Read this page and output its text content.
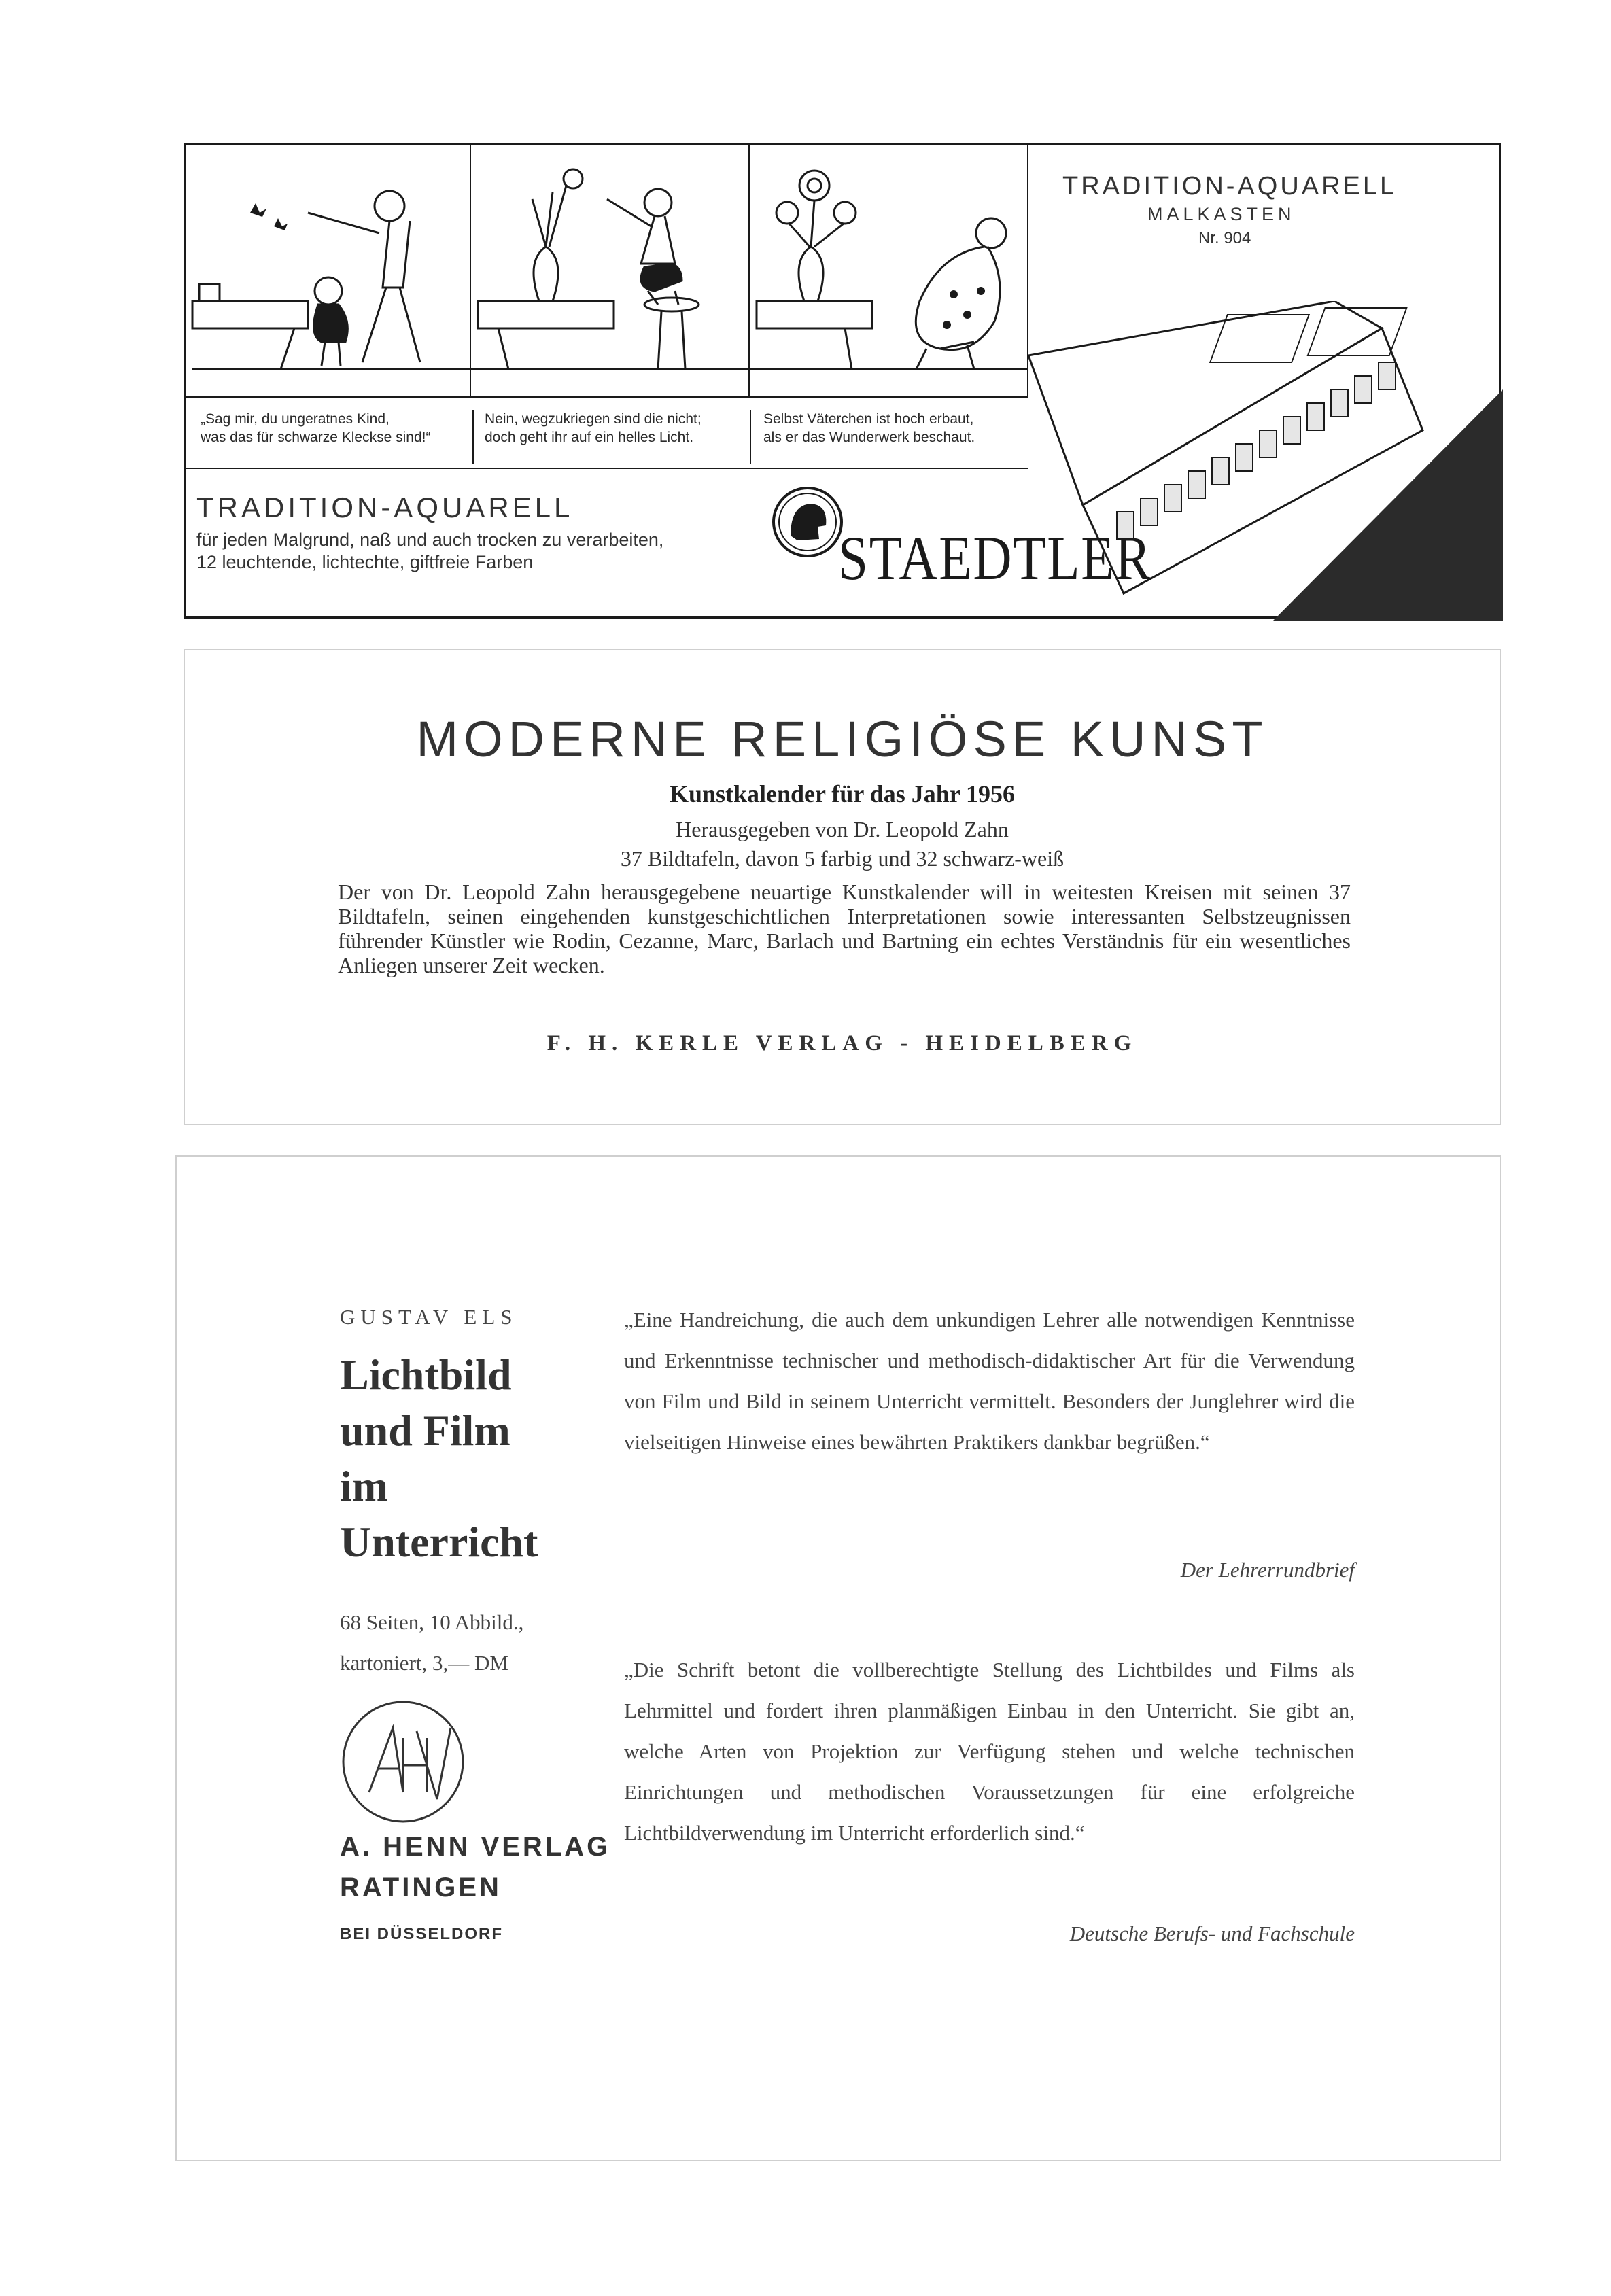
„Sag mir, du ungeratnes Kind,
was das für schwarze Kleckse sind!“
Nein, wegzukriegen sind die nicht;
doch geht ihr auf ein helles Licht.
Selbst Väterchen ist hoch erbaut,
als er das Wunderwerk beschaut.
TRADITION-AQUARELL
MALKASTEN
Nr. 904
TRADITION-AQUARELL
für jeden Malgrund, naß und auch trocken zu verarbeiten,
12 leuchtende, lichtechte, giftfreie Farben	STAEDTLER
MODERNE RELIGIÖSE KUNST
Kunstkalender für das Jahr 1956
Herausgegeben von Dr. Leopold Zahn
37 Bildtafeln, davon 5 farbig und 32 schwarz-weiß
Der von Dr. Leopold Zahn herausgegebene neuartige Kunstkalender will in weitesten Kreisen mit seinen 37 Bildtafeln, seinen eingehenden kunstgeschichtlichen Interpretationen sowie interessanten Selbstzeugnissen führender Künstler wie Rodin, Cezanne, Marc, Barlach und Bartning ein echtes Verständnis für ein wesentliches Anliegen unserer Zeit wecken.
F. H. KERLE VERLAG - HEIDELBERG
GUSTAV ELS
Lichtbild
und Film
im
Unterricht
68 Seiten, 10 Abbild.,
kartoniert, 3,— DM
A. HENN VERLAG
RATINGEN
BEI DÜSSELDORF
„Eine Handreichung, die auch dem unkundigen Lehrer alle notwendigen Kenntnisse und Erkenntnisse technischer und methodisch-didaktischer Art für die Verwendung von Film und Bild in seinem Unterricht vermittelt. Besonders der Junglehrer wird die vielseitigen Hinweise eines bewährten Praktikers dankbar begrüßen.“
Der Lehrerrundbrief
„Die Schrift betont die vollberechtigte Stellung des Lichtbildes und Films als Lehrmittel und fordert ihren planmäßigen Einbau in den Unterricht. Sie gibt an, welche Arten von Projektion zur Verfügung stehen und welche technischen Einrichtungen und methodischen Voraussetzungen für eine erfolgreiche Lichtbildverwendung im Unterricht erforderlich sind.“
Deutsche Berufs- und Fachschule
